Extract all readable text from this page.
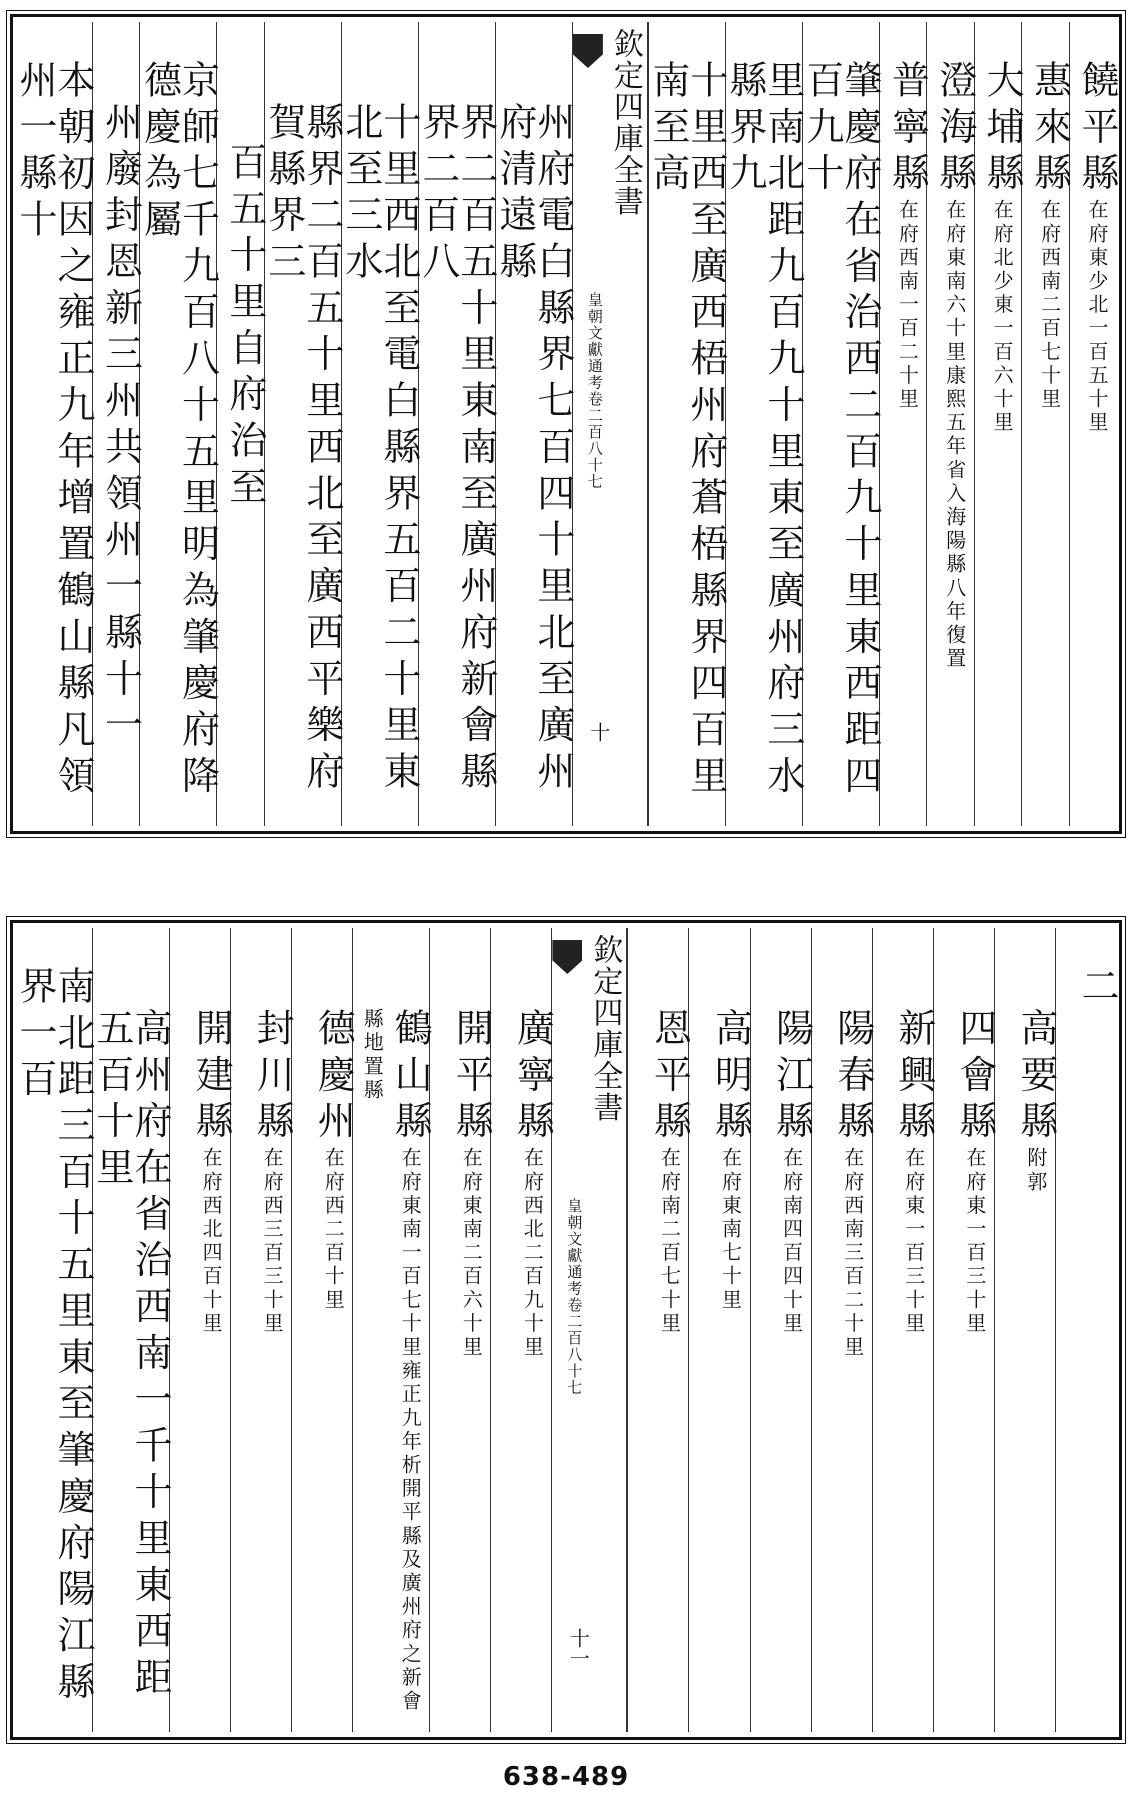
饒平縣在府東少北一百五十里
惠來縣在府西南二百七十里
大埔縣在府北少東一百六十里
澄海縣在府東南六十里康熙五年省入海陽縣八年復置
普寧縣在府西南一百二十里
肇慶府在省治西二百九十里東西距四百九十
里南北距九百九十里東至廣州府三水縣界九
十里西至廣西梧州府蒼梧縣界四百里南至高
欽定四庫全書
皇朝文獻通考卷二百八十七
十
州府電白縣界七百四十里北至廣州府清遠縣
界二百五十里東南至廣州府新會縣界二百八
十里西北至電白縣界五百二十里東北至三水
縣界二百五十里西北至廣西平樂府賀縣界三
百五十里自府治至
京師七千九百八十五里明為肇慶府降德慶為屬
州廢封恩新三州共領州一縣十一
本朝初因之雍正九年增置鶴山縣凡領州一縣十
二
高要縣附郭
四會縣在府東一百三十里
新興縣在府東一百三十里
陽春縣在府西南三百二十里
陽江縣在府南四百四十里
高明縣在府東南七十里
恩平縣在府南二百七十里
欽定四庫全書
皇朝文獻通考卷二百八十七
十一
廣寧縣在府西北二百九十里
開平縣在府東南二百六十里
鶴山縣在府東南一百七十里雍正九年析開平縣及廣州府之新會縣地置縣
德慶州在府西二百十里
封川縣在府西三百三十里
開建縣在府西北四百十里
高州府在省治西南一千十里東西距五百十里
南北距三百十五里東至肇慶府陽江縣界一百
638-489
